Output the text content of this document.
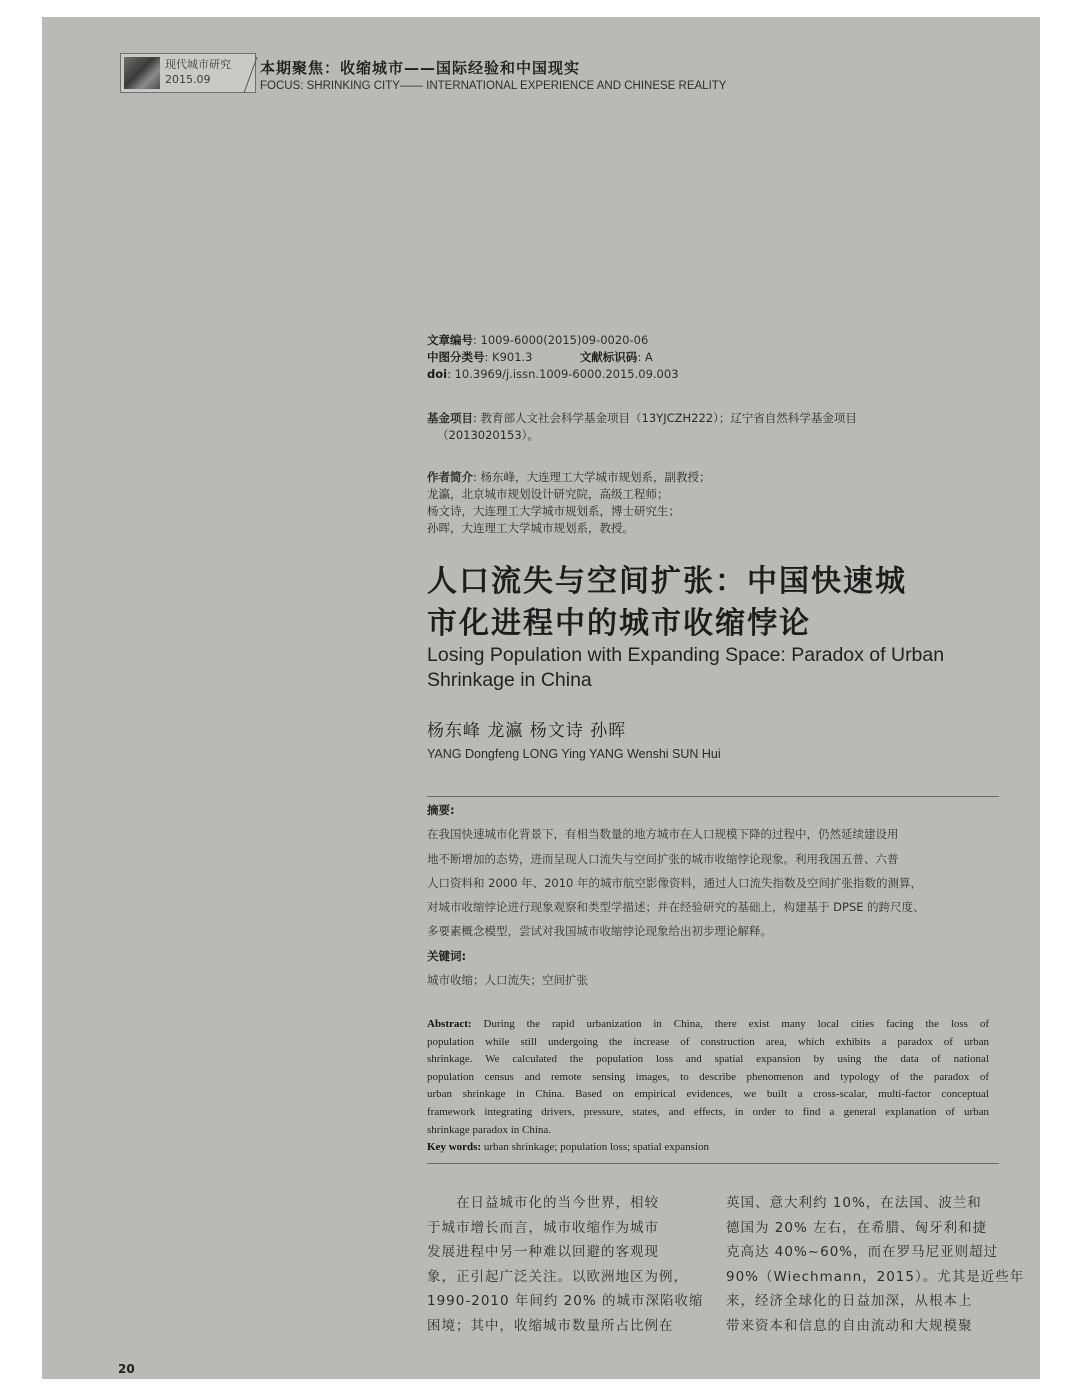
现代城市研究
2015.09
本期聚焦：收缩城市——国际经验和中国现实
FOCUS: SHRINKING CITY—— INTERNATIONAL EXPERIENCE AND CHINESE REALITY
文章编号: 1009-6000(2015)09-0020-06
中图分类号: K901.3	文献标识码: A
doi: 10.3969/j.issn.1009-6000.2015.09.003
基金项目: 教育部人文社会科学基金项目（13YJCZH222）；辽宁省自然科学基金项目
（2013020153）。
作者简介: 杨东峰，大连理工大学城市规划系，副教授；
龙瀛，北京城市规划设计研究院，高级工程师；
杨文诗，大连理工大学城市规划系，博士研究生；
孙晖，大连理工大学城市规划系，教授。
人口流失与空间扩张：中国快速城
市化进程中的城市收缩悖论
Losing Population with Expanding Space: Paradox of Urban
Shrinkage in China
杨东峰 龙瀛 杨文诗 孙晖
YANG Dongfeng LONG Ying YANG Wenshi SUN Hui
摘要:
在我国快速城市化背景下，有相当数量的地方城市在人口规模下降的过程中，仍然延续建设用
地不断增加的态势，进而呈现人口流失与空间扩张的城市收缩悖论现象。利用我国五普、六普
人口资料和 2000 年、2010 年的城市航空影像资料，通过人口流失指数及空间扩张指数的测算，
对城市收缩悖论进行现象观察和类型学描述；并在经验研究的基础上，构建基于 DPSE 的跨尺度、
多要素概念模型，尝试对我国城市收缩悖论现象给出初步理论解释。
关键词:
城市收缩；人口流失；空间扩张
Abstract: During the rapid urbanization in China, there exist many local cities facing the loss of
population while still undergoing the increase of construction area, which exhibits a paradox of urban
shrinkage. We calculated the population loss and spatial expansion by using the data of national
population census and remote sensing images, to describe phenomenon and typology of the paradox of
urban shrinkage in China. Based on empirical evidences, we built a cross-scalar, multi-factor conceptual
framework integrating drivers, pressure, states, and effects, in order to find a general explanation of urban
shrinkage paradox in China.
Key words: urban shrinkage; population loss; spatial expansion
　　在日益城市化的当今世界，相较
于城市增长而言，城市收缩作为城市
发展进程中另一种难以回避的客观现
象，正引起广泛关注。以欧洲地区为例，
1990-2010 年间约 20% 的城市深陷收缩
困境；其中，收缩城市数量所占比例在
英国、意大利约 10%，在法国、波兰和
德国为 20% 左右，在希腊、匈牙利和捷
克高达 40%~60%，而在罗马尼亚则超过
90%（Wiechmann，2015）。尤其是近些年
来，经济全球化的日益加深，从根本上
带来资本和信息的自由流动和大规模聚
20
